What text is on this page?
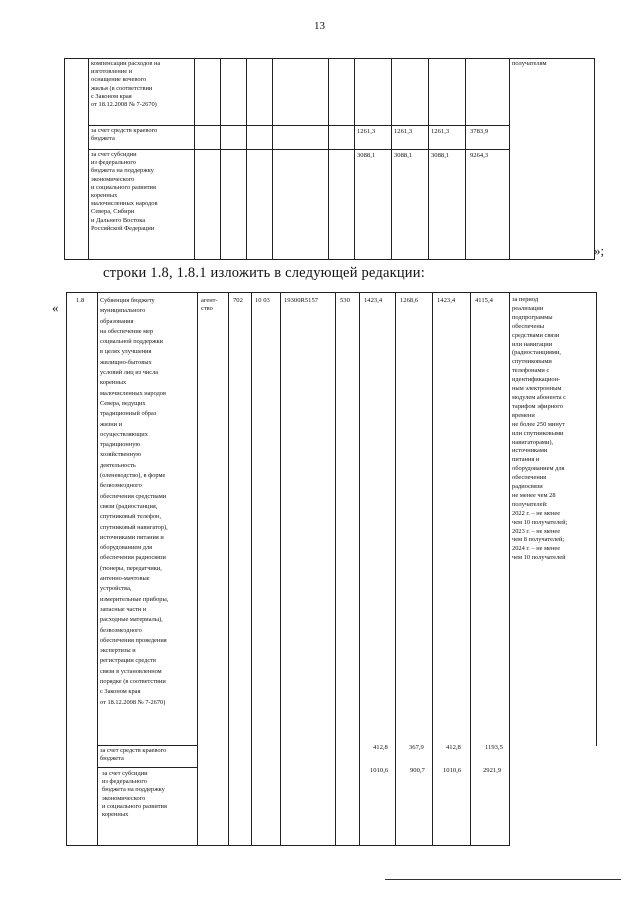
13
компенсации расходов на
изготовление и
оснащение кочевого
жилья (в соответствии
с Законом края
от 18.12.2008 № 7-2670)
получателям
за счет средств краевого
бюджета
1261,3	1261,3	1261,3	3783,9
за счет субсидии
из федерального
бюджета на поддержку
экономического
и социального развития
коренных
малочисленных народов
Севера, Сибири
и Дальнего Востока
Российской Федерации
3088,1	3088,1	3088,1	9264,3
»;
строки 1.8, 1.8.1 изложить в следующей редакции:
«	1.8 Субвенция бюджету
муниципального
образования
на обеспечение мер
социальной поддержки
в целях улучшения
жилищно-бытовых
условий лиц из числа
коренных
малочисленных народов
Севера, ведущих
традиционный образ
жизни и
осуществляющих
традиционную
хозяйственную
деятельность
(оленеводство), в форме
безвозмездного
обеспечения средствами
связи (радиостанция,
спутниковый телефон,
спутниковый навигатор),
источниками питания и
оборудованием для
обеспечения радиосвязи
(тюнеры, передатчики,
антенно-мачтовые
устройства,
измерительные приборы,
запасные части и
расходные материалы),
безвозмездного
обеспечения проведения
экспертизы и
регистрации средств
связи в установленном
порядке (в соответствии
с Законом края
от 18.12.2008 № 7-2670)
агент-
ство
702 10 03 19300R5157	530 1423,4	1268,6	1423,4	4115,4	за период
реализации
подпрограммы
обеспечены
средствами связи
или навигации
(радиостанциями,
спутниковыми
телефонами с
идентификацион-
ным электронным
модулем абонента с
тарифом эфирного
времени
не более 250 минут
или спутниковыми
навигаторами),
источниками
питания и
оборудованием для
обеспечения
радиосвязи
не менее чем 28
получателей:
2022 г. – не менее
чем 10 получателей;
2023 г. – не менее
чем 8 получателей;
2024 г. – не менее
чем 10 получателей
за счет средств краевого
бюджета
412,8	367,9	412,8	1193,5
за счет субсидии
из федерального
бюджета на поддержку
экономического
и социального развития
коренных
1010,6	900,7	1010,6	2921,9
